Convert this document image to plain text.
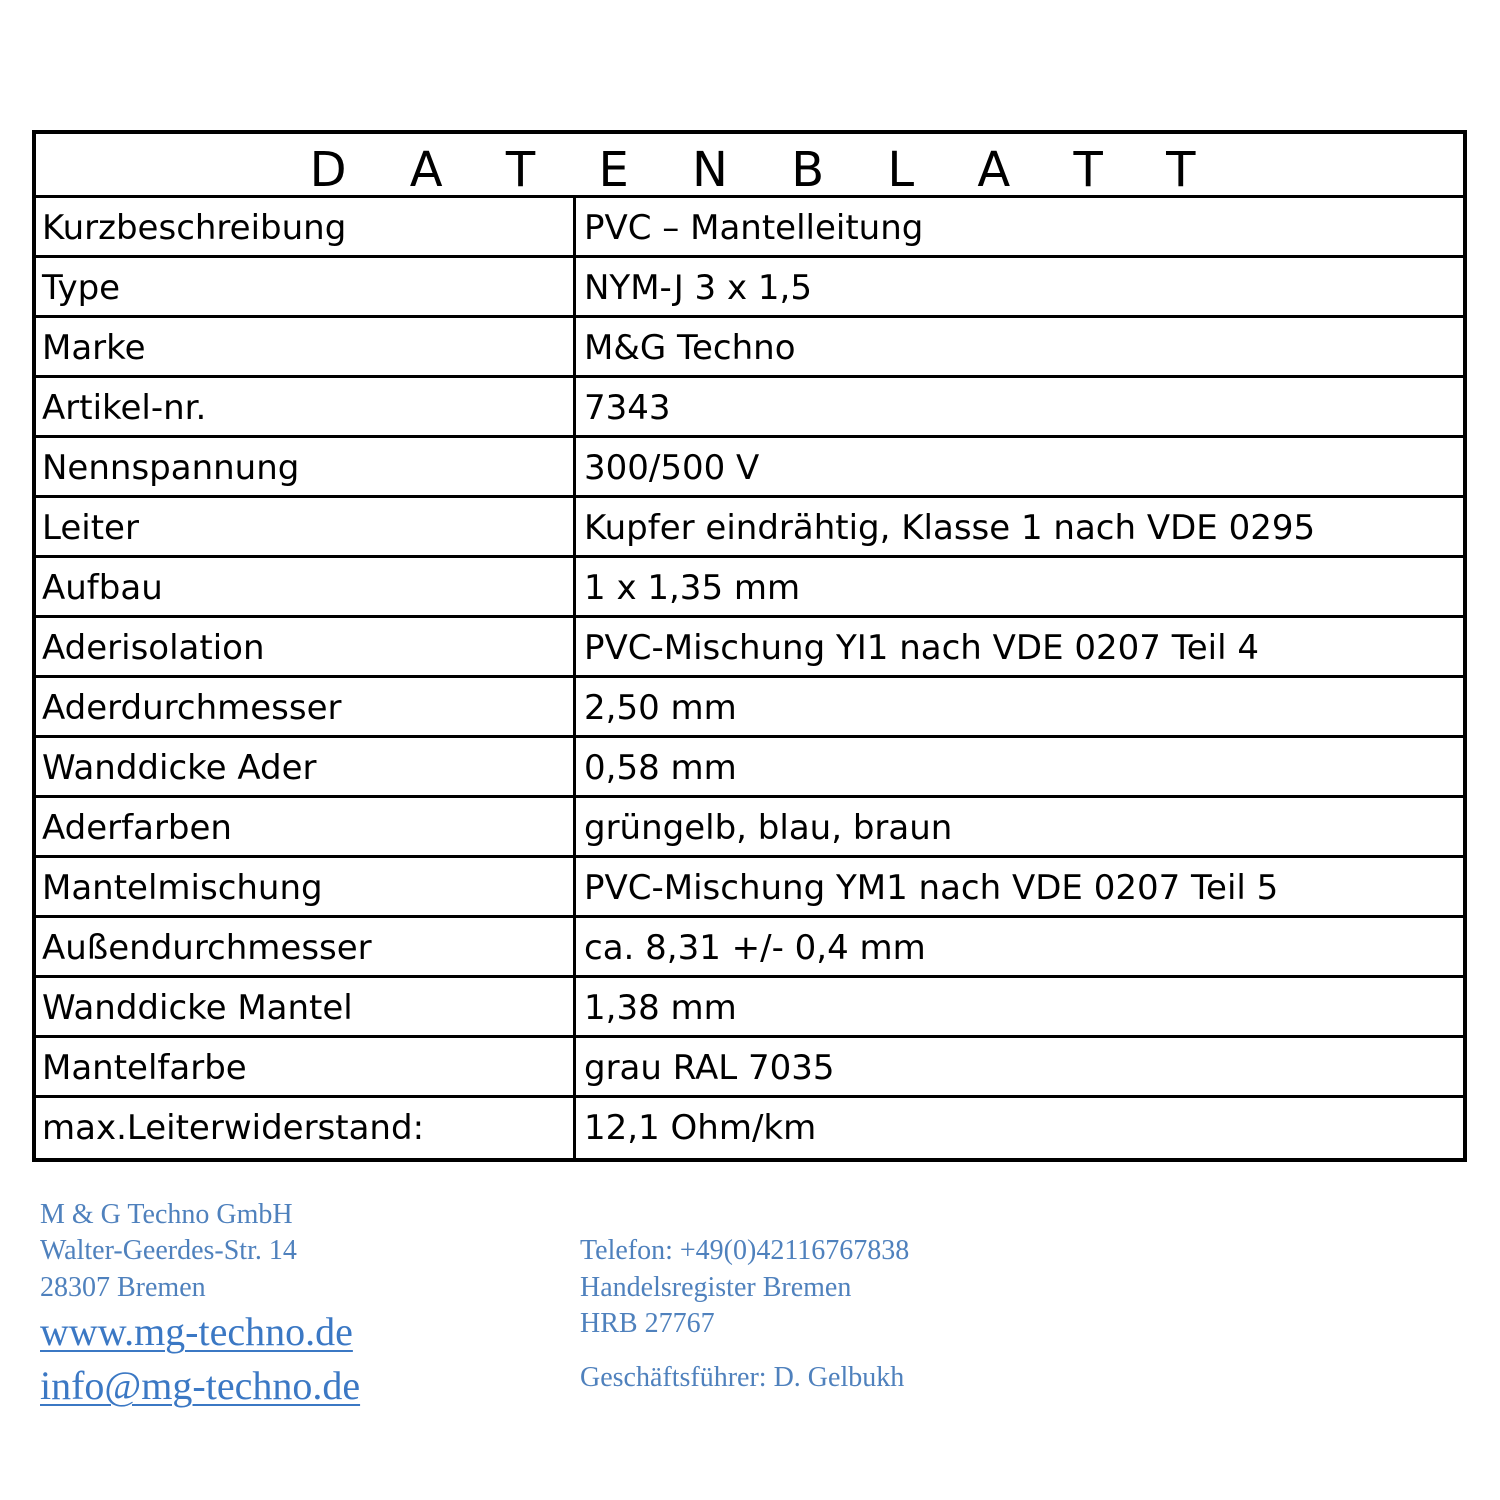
D A T E N B L A T T
Kurzbeschreibung	PVC – Mantelleitung
Type	NYM-J 3 x 1,5
Marke	M&G Techno
Artikel-nr.	7343
Nennspannung	300/500 V
Leiter	Kupfer eindrähtig, Klasse 1 nach VDE 0295
Aufbau	1 x 1,35 mm
Aderisolation	PVC-Mischung YI1 nach VDE 0207 Teil 4
Aderdurchmesser	2,50 mm
Wanddicke Ader	0,58 mm
Aderfarben	grüngelb, blau, braun
Mantelmischung	PVC-Mischung YM1 nach VDE 0207 Teil 5
Außendurchmesser	ca. 8,31 +/- 0,4 mm
Wanddicke Mantel	1,38 mm
Mantelfarbe	grau RAL 7035
max.Leiterwiderstand:	12,1 Ohm/km
M & G Techno GmbH
Walter-Geerdes-Str. 14
28307 Bremen
www.mg-techno.de
info@mg-techno.de
Telefon: +49(0)42116767838
Handelsregister Bremen
HRB 27767
Geschäftsführer: D. Gelbukh
